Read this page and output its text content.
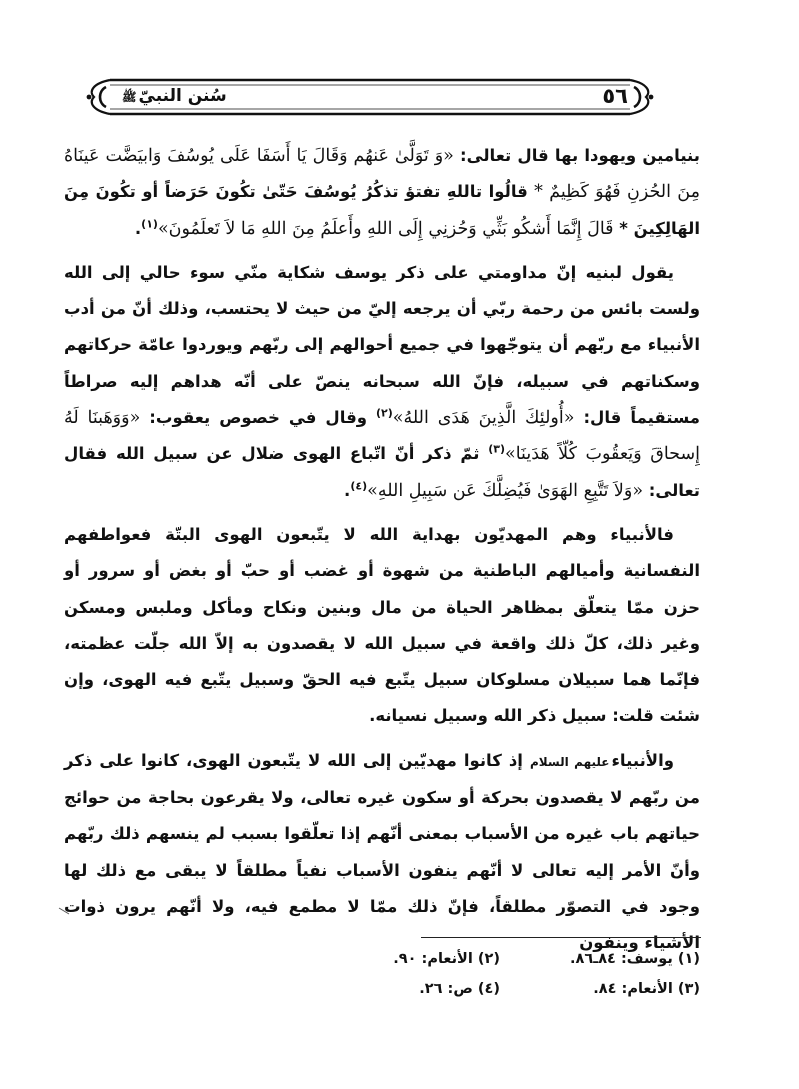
٥٦
سُنن النبيّﷺ

بنيامين ويهودا بها قال تعالى: «وَ تَوَلَّىٰ عَنهُم وَقَالَ يَا أَسَفَا عَلَى يُوسُفَ وَابيَضَّت عَينَاهُ مِنَ الحُزنِ فَهُوَ كَظِيمٌ * قالُوا تاللهِ تفتؤ تذكُرُ يُوسُفَ حَتّىٰ تكُونَ حَرَضاً أو تكُونَ مِنَ الهَالِكِينَ * قَالَ إِنَّمَا أَشكُو بَثِّي وَحُزنِي إِلَى اللهِ وأَعلَمُ مِنَ اللهِ مَا لاَ تَعلَمُونَ»$^{(١)}$.

يقول لبنيه إنّ مداومتي على ذكر يوسف شكاية منّي سوء حالي إلى الله ولست بائس من رحمة ربّي أن يرجعه إليّ من حيث لا يحتسب، وذلك أنّ من أدب الأنبياء مع ربّهم أن يتوجّهوا في جميع أحوالهم إلى ربّهم ويوردوا عامّة حركاتهم وسكناتهم في سبيله، فإنّ الله سبحانه ينصّ على أنّه هداهم إليه صراطاً مستقيماً قال: «أُولئِكَ الَّذِينَ هَدَى اللهُ»$^{(٢)}$ وقال في خصوص يعقوب: «وَوَهَبنَا لَهُ إِسحاقَ وَيَعقُوبَ كُلّاً هَدَينَا»$^{(٣)}$ ثمّ ذكر أنّ اتّباع الهوى ضلال عن سبيل الله فقال تعالى: «وَلاَ تَتَّبِعِ الهَوَىٰ فَيُضِلَّكَ عَن سَبِيلِ اللهِ»$^{(٤)}$.

فالأنبياء وهم المهديّون بهداية الله لا يتّبعون الهوى البتّة فعواطفهم النفسانية وأميالهم الباطنية من شهوة أو غضب أو حبّ أو بغض أو سرور أو حزن ممّا يتعلّق بمظاهر الحياة من مال وبنين ونكاح ومأكل وملبس ومسكن وغير ذلك، كلّ ذلك واقعة في سبيل الله لا يقصدون به إلاّ الله جلّت عظمته، فإنّما هما سبيلان مسلوكان سبيل يتّبع فيه الحقّ وسبيل يتّبع فيه الهوى، وإن شئت قلت: سبيل ذكر الله وسبيل نسيانه.

والأنبياءعليهم السلام إذ كانوا مهديّين إلى الله لا يتّبعون الهوى، كانوا على ذكر من ربّهم لا يقصدون بحركة أو سكون غيره تعالى، ولا يقرعون بحاجة من حوائج حياتهم باب غيره من الأسباب بمعنى أنّهم إذا تعلّقوا بسبب لم ينسهم ذلك ربّهم وأنّ الأمر إليه تعالى لا أنّهم ينفون الأسباب نفياً مطلقاً لا يبقى مع ذلك لها وجود في التصوّر مطلقاً، فإنّ ذلك ممّا لا مطمع فيه، ولا أنّهم يرون ذوات الأشياء وينفون

(١) يوسف: ٨٤ـ٨٦.
(٢) الأنعام: ٩٠.
(٣) الأنعام: ٨٤.
(٤) ص: ٢٦.
